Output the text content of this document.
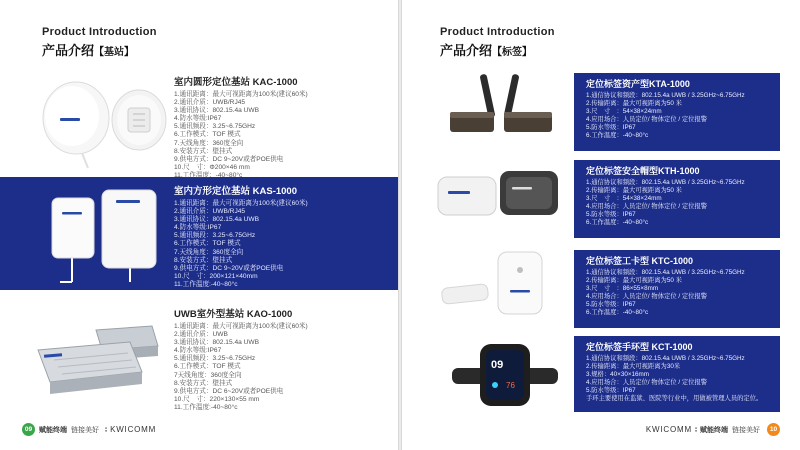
Product Introduction
产品介绍【基站】
室内圆形定位基站 KAC-1000
1.通讯距离：最大可视距离为100米(建议60米)
2.通讯介质：UWB/RJ45
3.通讯协议：802.15.4a UWB
4.防水等级:IP67
5.通讯频段：3.25~6.75GHz
6.工作模式：TOF 模式
7.天线角度：360度全向
8.安装方式：壁挂式
9.供电方式：DC 9~20V或者POE供电
10.尺　寸：Φ200×46 mm
11.工作温度：-40~80°c
室内方形定位基站 KAS-1000
1.通讯距离：最大可视距离为100米(建议60米)
2.通讯介质：UWB/RJ45
3.通讯协议：802.15.4a UWB
4.防水等级:IP67
5.通讯频段：3.25~6.75GHz
6.工作模式：TOF 模式
7.天线角度：360度全向
8.安装方式：壁挂式
9.供电方式：DC 9~20V或者POE供电
10.尺　寸：200×121×40mm
11.工作温度:-40~80°c
UWB室外型基站 KAO-1000
1.通讯距离：最大可视距离为100米(建议60米)
2.通讯介质：UWB
3.通讯协议：802.15.4a UWB
4.防水等级:IP67
5.通讯频段：3.25~6.75GHz
6.工作模式：TOF 模式
7天线角度：360度全向
8.安装方式：壁挂式
9.供电方式：DC 6~20V或者POE供电
10.尺　寸：220×130×55 mm
11.工作温度:-40~80°c
09 赋能终端 链接美好 ∶ KWICOMM
Product Introduction
产品介绍【标签】
09
76
定位标签资产型KTA-1000
1.通信协议和频段：802.15.4a UWB / 3.25GHz~6.75GHz
2.传输距离：最大可视距离为50 米
3.尺　寸　：54×38×24mm
4.应用场合：人员定位/ 物体定位 / 定位报警
5.防水等级：IP67
6.工作温度：-40~80°c
定位标签安全帽型KTH-1000
1.通信协议和频段：802.15.4a UWB / 3.25GHz~6.75GHz
2.传输距离：最大可视距离为50 米
3.尺　寸　：54×38×24mm
4.应用场合：人员定位/ 物体定位 / 定位报警
5.防水等级：IP67
6.工作温度：-40~80°c
定位标签工卡型 KTC-1000
1.通信协议和频段：802.15.4a UWB / 3.25GHz~6.75GHz
2.传输距离：最大可视距离为50 米
3.尺　寸　：86×55×8mm
4.应用场合：人员定位/ 物体定位 / 定位报警
5.防水等级：IP67
6.工作温度：-40~80°c
定位标签手环型 KCT-1000
1.通信协议和频段：802.15.4a UWB / 3.25GHz~6.75GHz
2.传输距离：最大可视距离为30米
3.规格：40×30×16mm
4.应用场合：人员定位/ 物体定位 / 定位报警
5.防水等级：IP67
手环主要使用在监狱、医院等行业中，用做被管理人员的定位。
KWICOMM ∶ 赋能终端 链接美好	10
